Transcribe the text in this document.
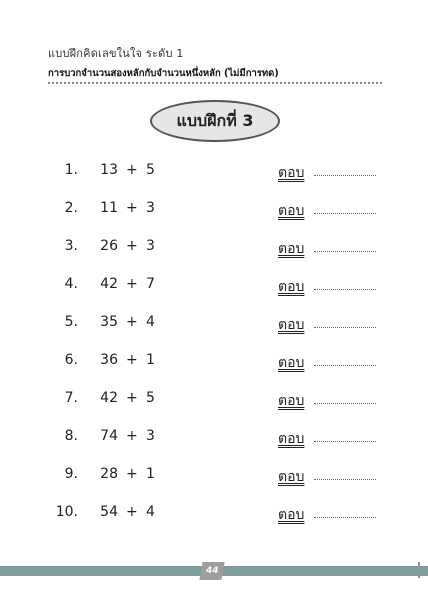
แบบฝึกคิดเลขในใจ ระดับ 1
การบวกจำนวนสองหลักกับจำนวนหนึ่งหลัก (ไม่มีการทด)
แบบฝึกที่ 3
1. 13 + 5	ตอบ
2. 11 + 3	ตอบ
3. 26 + 3	ตอบ
4. 42 + 7	ตอบ
5. 35 + 4	ตอบ
6. 36 + 1	ตอบ
7. 42 + 5	ตอบ
8. 74 + 3	ตอบ
9. 28 + 1	ตอบ
10. 54 + 4	ตอบ
44
